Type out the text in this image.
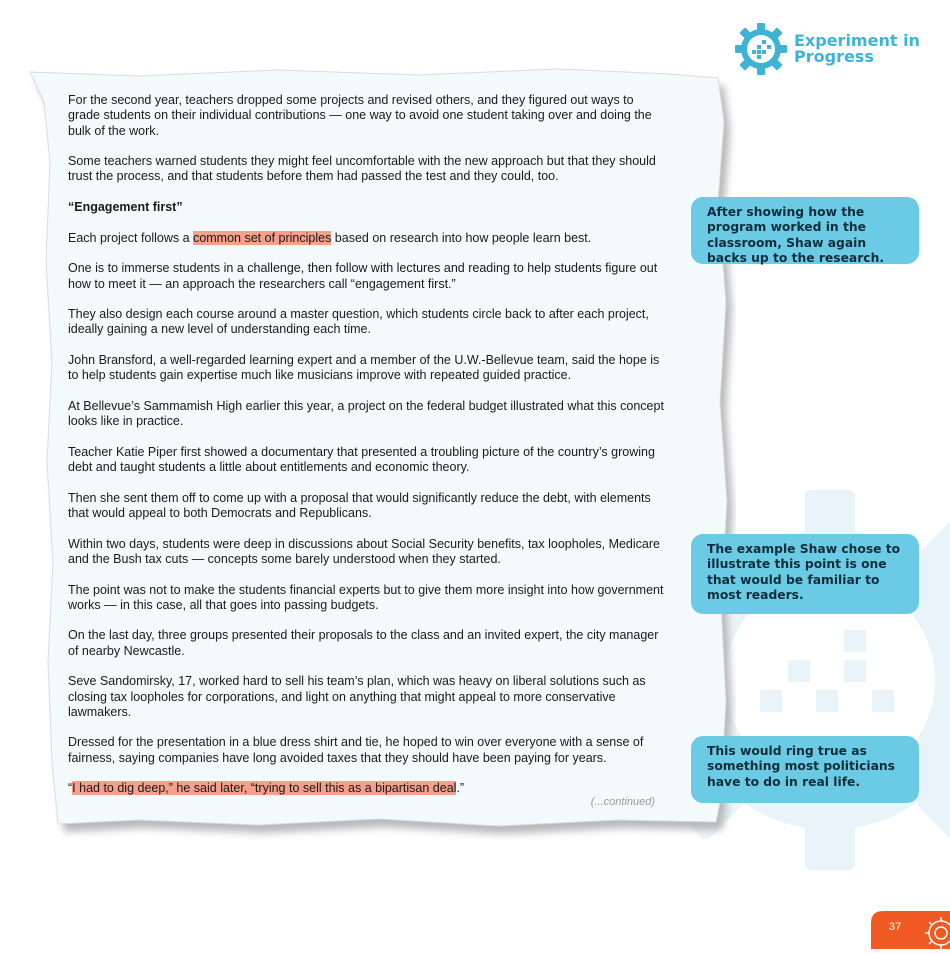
Experiment in
Progress

For the second year, teachers dropped some projects and revised others, and they figured out ways to grade students on their individual contributions — one way to avoid one student taking over and doing the bulk of the work.

Some teachers warned students they might feel uncomfortable with the new approach but that they should trust the process, and that students before them had passed the test and they could, too.

“Engagement first”

Each project follows a common set of principles based on research into how people learn best.

One is to immerse students in a challenge, then follow with lectures and reading to help students figure out how to meet it — an approach the researchers call “engagement first.”

They also design each course around a master question, which students circle back to after each project, ideally gaining a new level of understanding each time.

John Bransford, a well-regarded learning expert and a member of the U.W.-Bellevue team, said the hope is to help students gain expertise much like musicians improve with repeated guided practice.

At Bellevue’s Sammamish High earlier this year, a project on the federal budget illustrated what this concept looks like in practice.

Teacher Katie Piper first showed a documentary that presented a troubling picture of the country’s growing debt and taught students a little about entitlements and economic theory.

Then she sent them off to come up with a proposal that would significantly reduce the debt, with elements that would appeal to both Democrats and Republicans.

Within two days, students were deep in discussions about Social Security benefits, tax loopholes, Medicare and the Bush tax cuts — concepts some barely understood when they started.

The point was not to make the students financial experts but to give them more insight into how government works — in this case, all that goes into passing budgets.

On the last day, three groups presented their proposals to the class and an invited expert, the city manager of nearby Newcastle.

Seve Sandomirsky, 17, worked hard to sell his team’s plan, which was heavy on liberal solutions such as closing tax loopholes for corporations, and light on anything that might appeal to more conservative lawmakers.

Dressed for the presentation in a blue dress shirt and tie, he hoped to win over everyone with a sense of fairness, saying companies have long avoided taxes that they should have been paying for years.

“I had to dig deep,” he said later, “trying to sell this as a bipartisan deal.”

(...continued)
After showing how the program worked in the classroom, Shaw again backs up to the research.
The example Shaw chose to illustrate this point is one that would be familiar to most readers.
This would ring true as something most politicians have to do in real life.
37
